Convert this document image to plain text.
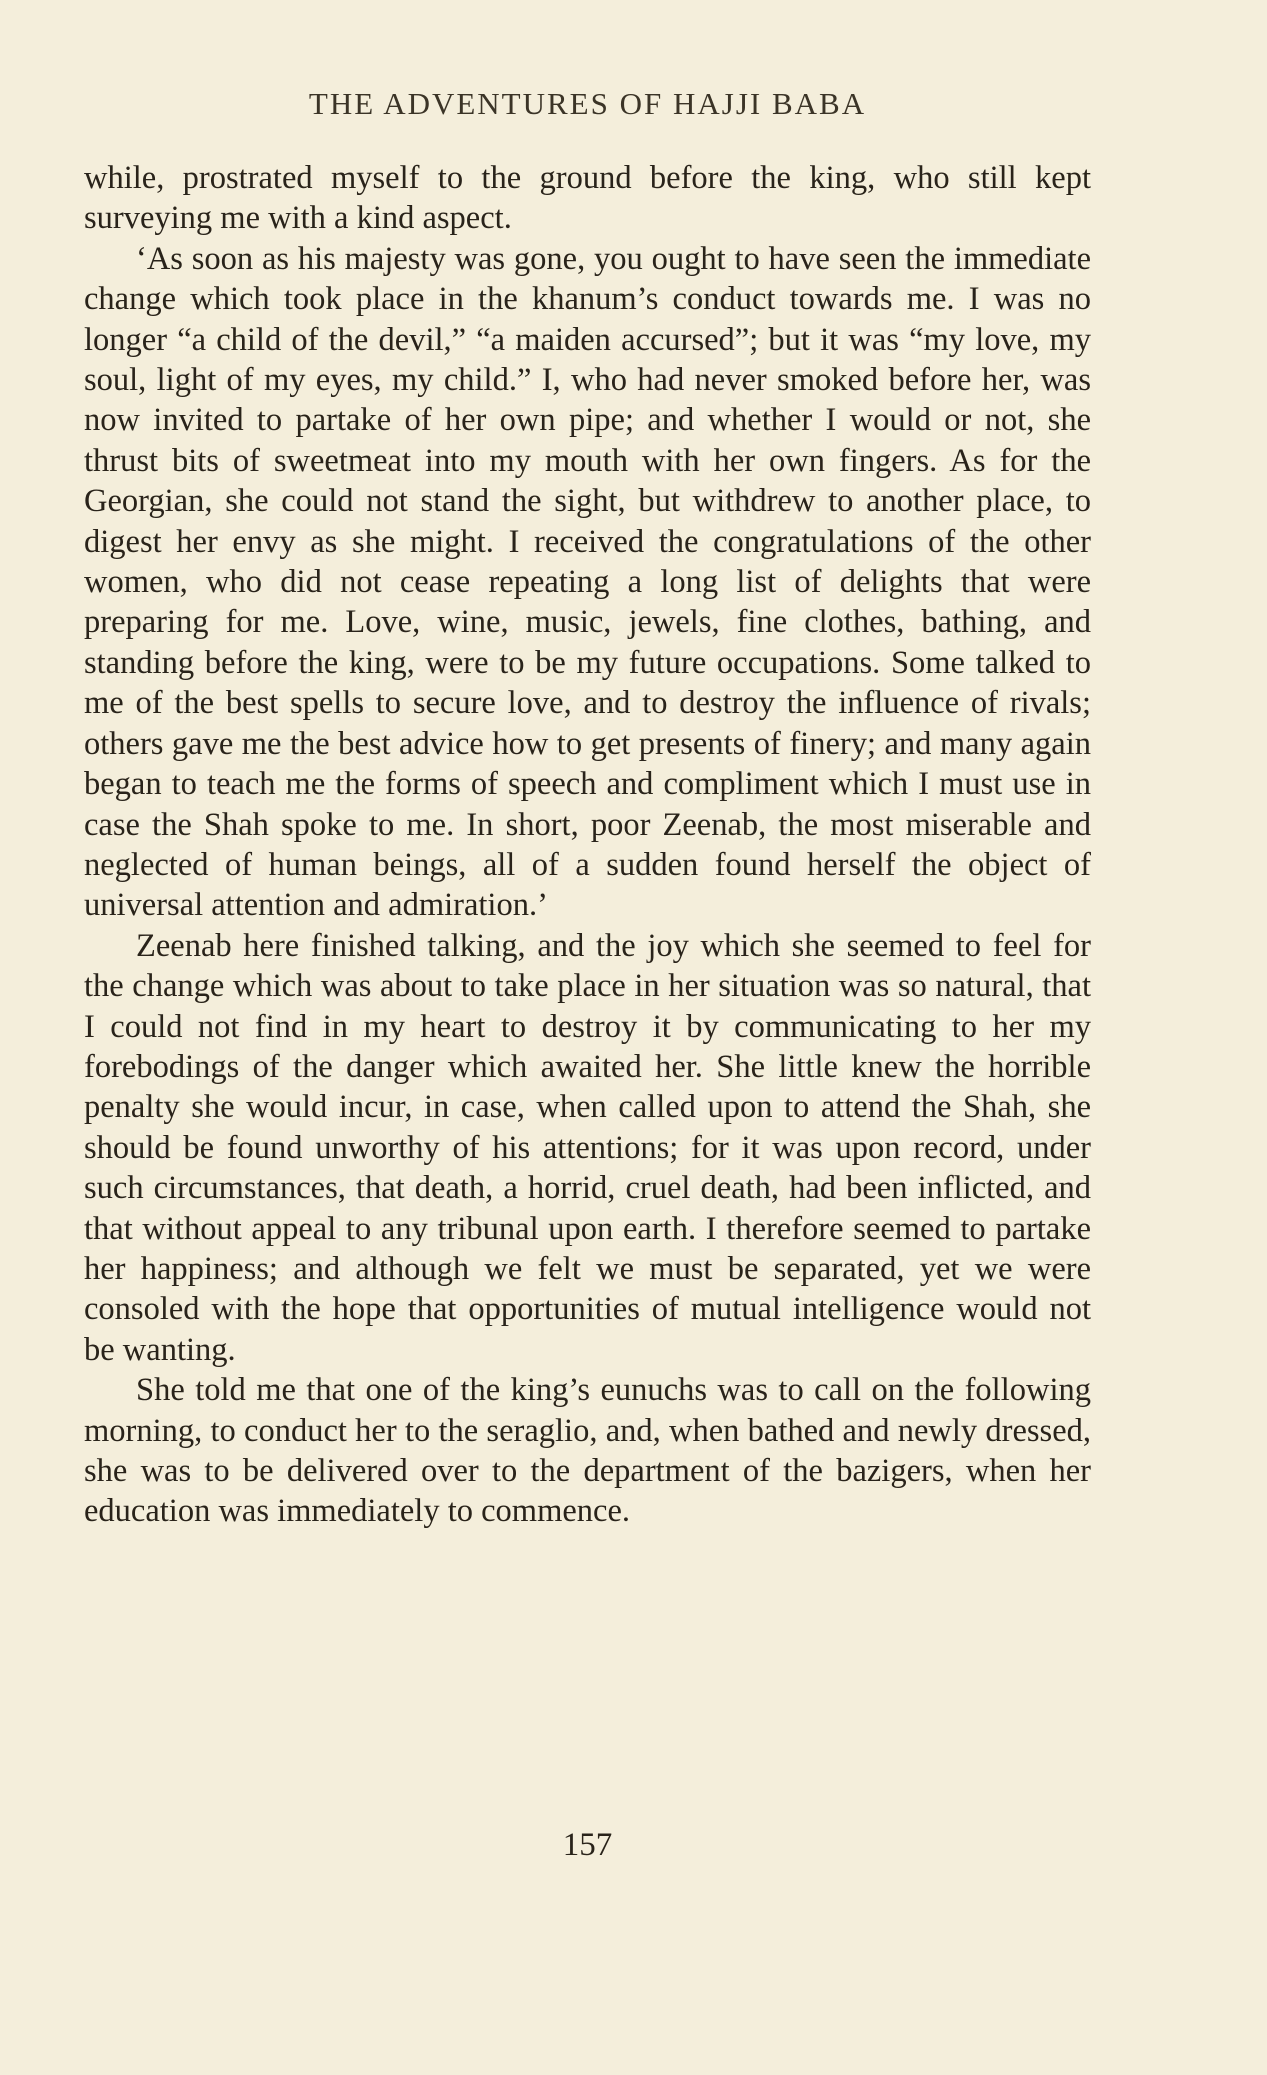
THE ADVENTURES OF HAJJI BABA

while, prostrated myself to the ground before the king, who still kept surveying me with a kind aspect.

‘As soon as his majesty was gone, you ought to have seen the immediate change which took place in the khanum’s conduct towards me. I was no longer “a child of the devil,” “a maiden accursed”; but it was “my love, my soul, light of my eyes, my child.” I, who had never smoked before her, was now invited to partake of her own pipe; and whether I would or not, she thrust bits of sweetmeat into my mouth with her own fingers. As for the Georgian, she could not stand the sight, but withdrew to another place, to digest her envy as she might. I received the congratulations of the other women, who did not cease repeating a long list of delights that were preparing for me. Love, wine, music, jewels, fine clothes, bathing, and standing before the king, were to be my future occupations. Some talked to me of the best spells to secure love, and to destroy the influence of rivals; others gave me the best advice how to get presents of finery; and many again began to teach me the forms of speech and compliment which I must use in case the Shah spoke to me. In short, poor Zeenab, the most miserable and neglected of human beings, all of a sudden found herself the object of universal attention and admiration.’

Zeenab here finished talking, and the joy which she seemed to feel for the change which was about to take place in her situation was so natural, that I could not find in my heart to destroy it by communicating to her my forebodings of the danger which awaited her. She little knew the horrible penalty she would incur, in case, when called upon to attend the Shah, she should be found unworthy of his attentions; for it was upon record, under such circumstances, that death, a horrid, cruel death, had been inflicted, and that without appeal to any tribunal upon earth. I therefore seemed to partake her happiness; and although we felt we must be separated, yet we were consoled with the hope that opportunities of mutual intelligence would not be wanting.

She told me that one of the king’s eunuchs was to call on the following morning, to conduct her to the seraglio, and, when bathed and newly dressed, she was to be delivered over to the department of the bazigers, when her education was immediately to commence.

157
